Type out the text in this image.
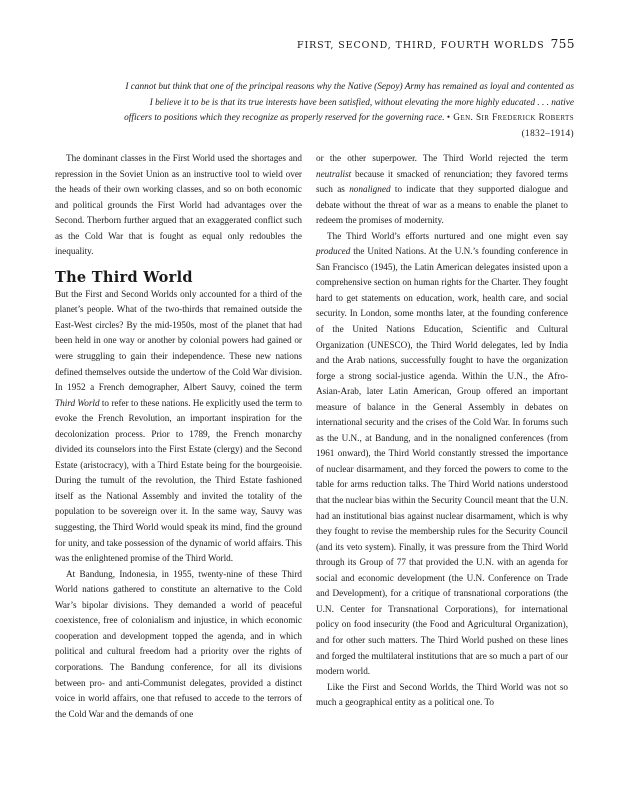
FIRST, SECOND, THIRD, FOURTH WORLDS 755
I cannot but think that one of the principal reasons why the Native (Sepoy) Army has remained as loyal and contented as I believe it to be is that its true interests have been satisfied, without elevating the more highly educated . . . native officers to positions which they recognize as properly reserved for the governing race. • Gen. Sir Frederick Roberts (1832–1914)

The dominant classes in the First World used the shortages and repression in the Soviet Union as an instructive tool to wield over the heads of their own working classes, and so on both economic and political grounds the First World had advantages over the Second. Therborn further argued that an exaggerated conflict such as the Cold War that is fought as equal only redoubles the inequality.

The Third World

But the First and Second Worlds only accounted for a third of the planet’s people. What of the two-thirds that remained outside the East-West circles? By the mid-1950s, most of the planet that had been held in one way or another by colonial powers had gained or were struggling to gain their independence. These new nations defined themselves outside the undertow of the Cold War division. In 1952 a French demographer, Albert Sauvy, coined the term Third World to refer to these nations. He explicitly used the term to evoke the French Revolution, an important inspiration for the decolonization process. Prior to 1789, the French monarchy divided its counselors into the First Estate (clergy) and the Second Estate (aristocracy), with a Third Estate being for the bourgeoisie. During the tumult of the revolution, the Third Estate fashioned itself as the National Assembly and invited the totality of the population to be sovereign over it. In the same way, Sauvy was suggesting, the Third World would speak its mind, find the ground for unity, and take possession of the dynamic of world affairs. This was the enlightened promise of the Third World.

At Bandung, Indonesia, in 1955, twenty-nine of these Third World nations gathered to constitute an alternative to the Cold War’s bipolar divisions. They demanded a world of peaceful coexistence, free of colonialism and injustice, in which economic cooperation and development topped the agenda, and in which political and cultural freedom had a priority over the rights of corporations. The Bandung conference, for all its divisions between pro- and anti-Communist delegates, provided a distinct voice in world affairs, one that refused to accede to the terrors of the Cold War and the demands of one

or the other superpower. The Third World rejected the term neutralist because it smacked of renunciation; they favored terms such as nonaligned to indicate that they supported dialogue and debate without the threat of war as a means to enable the planet to redeem the promises of modernity.

The Third World’s efforts nurtured and one might even say produced the United Nations. At the U.N.’s founding conference in San Francisco (1945), the Latin American delegates insisted upon a comprehensive section on human rights for the Charter. They fought hard to get statements on education, work, health care, and social security. In London, some months later, at the founding conference of the United Nations Education, Scientific and Cultural Organization (UNESCO), the Third World delegates, led by India and the Arab nations, successfully fought to have the organization forge a strong social-justice agenda. Within the U.N., the Afro-Asian-Arab, later Latin American, Group offered an important measure of balance in the General Assembly in debates on international security and the crises of the Cold War. In forums such as the U.N., at Bandung, and in the nonaligned conferences (from 1961 onward), the Third World constantly stressed the importance of nuclear disarmament, and they forced the powers to come to the table for arms reduction talks. The Third World nations understood that the nuclear bias within the Security Council meant that the U.N. had an institutional bias against nuclear disarmament, which is why they fought to revise the membership rules for the Security Council (and its veto system). Finally, it was pressure from the Third World through its Group of 77 that provided the U.N. with an agenda for social and economic development (the U.N. Conference on Trade and Development), for a critique of transnational corporations (the U.N. Center for Transnational Corporations), for international policy on food insecurity (the Food and Agricultural Organization), and for other such matters. The Third World pushed on these lines and forged the multilateral institutions that are so much a part of our modern world.

Like the First and Second Worlds, the Third World was not so much a geographical entity as a political one. To
